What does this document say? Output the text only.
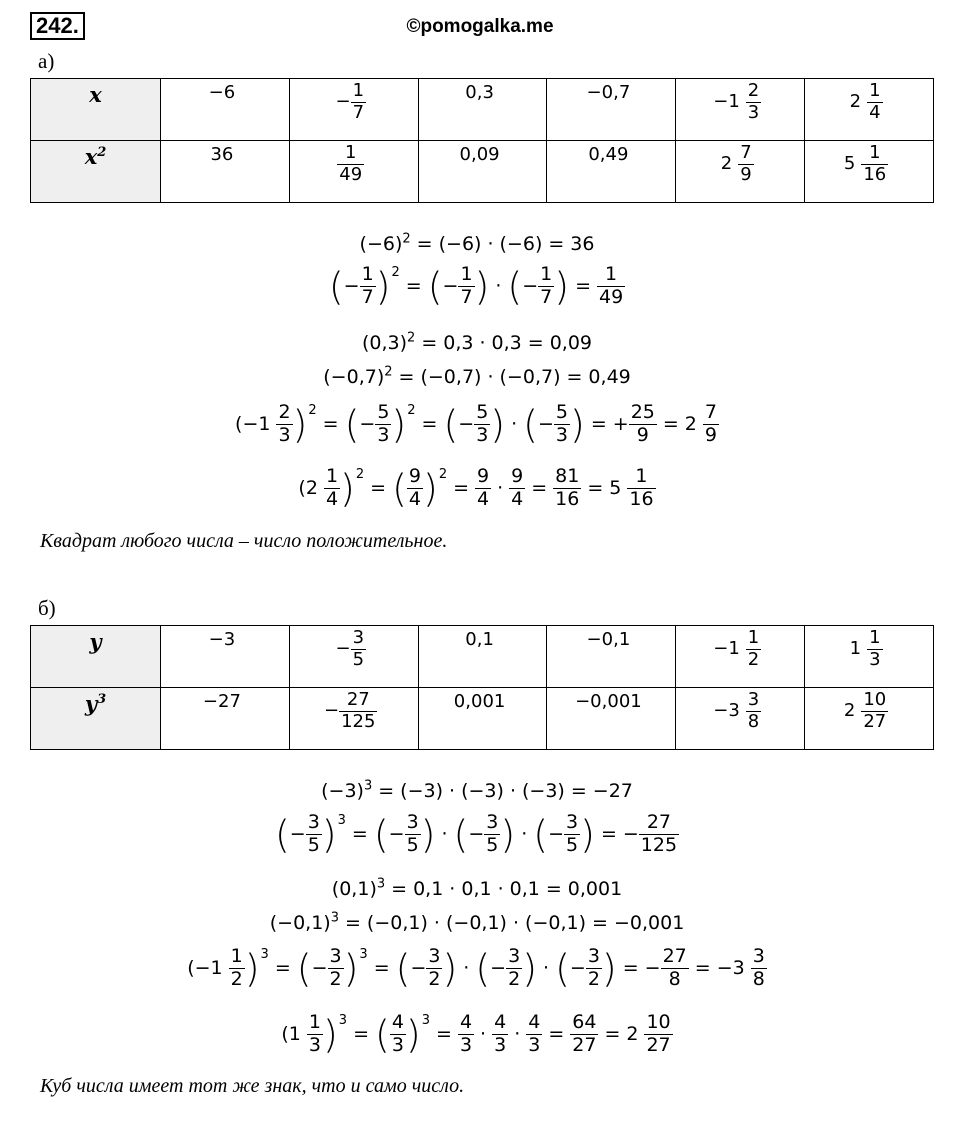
242.	©pomogalka.me
а)
x	−6	− $\frac{1}{7}$	0,3	−0,7	$-1 \frac{2}{3}$	$2 \frac{1}{4}$

$x^2$	36	$\frac{1}{49}$	0,09	0,49	$2 \frac{7}{9}$	$5 \frac{1}{16}$
$(-6)^2 = (-6) \cdot (-6) = 36$
(− $\frac{1}{7} )^2=$ (− $\frac{1}{7}$ ) · (− $\frac{1}{7}$ ) = $\frac{1}{49}$
$(0,3)^2 = 0,3 \cdot 0,3 = 0,09$
$(-0,7)^2 = (-0,7) \cdot (-0,7) = 0,49$
$(-1 \frac{2}{3} )^2=$ (− $\frac{5}{3} )^2=$ (− $\frac{5}{3}$ ) · (− $\frac{5}{3}$ ) = + $\frac{25}{9} = 2 \frac{7}{9}$
$(2 \frac{1}{4} )^2=$ ( $\frac{9}{4} )^2= \frac{9}{4} \cdot \frac{9}{4} = \frac{81}{16} = 5 \frac{1}{16}$
Квадрат любого числа – число положительное.
б)
y	−3	− $\frac{3}{5}$	0,1	−0,1	$-1 \frac{1}{2}$	$1 \frac{1}{3}$

$y^3$	−27	− $\frac{27}{125}$	0,001	−0,001	$-3 \frac{3}{8}$	$2 \frac{10}{27}$
$(-3)^3 = (-3) \cdot (-3) \cdot (-3) = -27$
(− $\frac{3}{5} )^3=$ (− $\frac{3}{5}$ ) · (− $\frac{3}{5}$ ) · (− $\frac{3}{5}$ ) = − $\frac{27}{125}$
$(0,1)^3 = 0,1 \cdot 0,1 \cdot 0,1 = 0,001$
$(-0,1)^3 = (-0,1) \cdot (-0,1) \cdot (-0,1) = -0,001$
$(-1 \frac{1}{2} )^3=$ (− $\frac{3}{2} )^3=$ (− $\frac{3}{2}$ ) · (− $\frac{3}{2}$ ) · (− $\frac{3}{2}$ ) = − $\frac{27}{8} = -3 \frac{3}{8}$
$(1 \frac{1}{3} )^3=$ ( $\frac{4}{3} )^3= \frac{4}{3} \cdot \frac{4}{3} \cdot \frac{4}{3} = \frac{64}{27} = 2 \frac{10}{27}$
Куб числа имеет тот же знак, что и само число.
